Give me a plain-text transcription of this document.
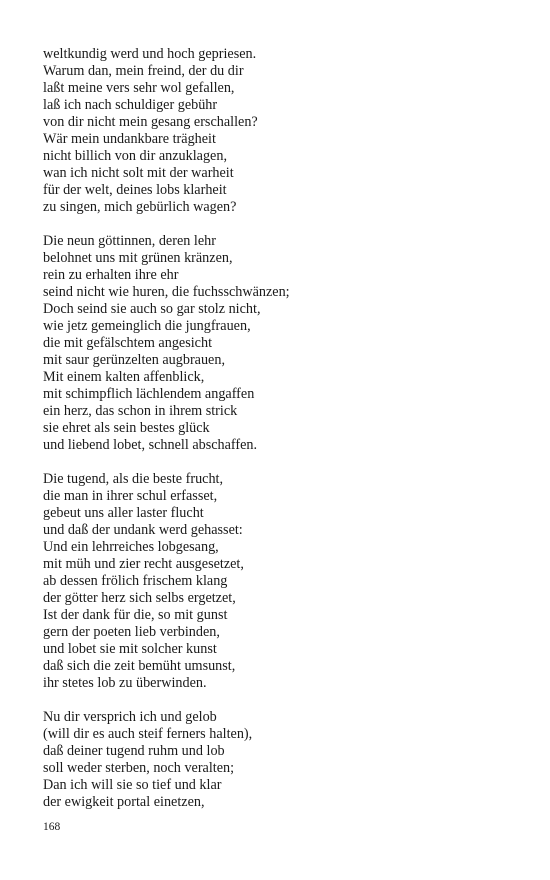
weltkundig werd und hoch gepriesen.
Warum dan, mein freind, der du dir
laßt meine vers sehr wol gefallen,
laß ich nach schuldiger gebühr
von dir nicht mein gesang erschallen?
Wär mein undankbare trägheit
nicht billich von dir anzuklagen,
wan ich nicht solt mit der warheit
für der welt, deines lobs klarheit
zu singen, mich gebürlich wagen?
Die neun göttinnen, deren lehr
belohnet uns mit grünen kränzen,
rein zu erhalten ihre ehr
seind nicht wie huren, die fuchsschwänzen;
Doch seind sie auch so gar stolz nicht,
wie jetz gemeinglich die jungfrauen,
die mit gefälschtem angesicht
mit saur gerünzelten augbrauen,
Mit einem kalten affenblick,
mit schimpflich lächlendem angaffen
ein herz, das schon in ihrem strick
sie ehret als sein bestes glück
und liebend lobet, schnell abschaffen.
Die tugend, als die beste frucht,
die man in ihrer schul erfasset,
gebeut uns aller laster flucht
und daß der undank werd gehasset:
Und ein lehrreiches lobgesang,
mit müh und zier recht ausgesetzet,
ab dessen frölich frischem klang
der götter herz sich selbs ergetzet,
Ist der dank für die, so mit gunst
gern der poeten lieb verbinden,
und lobet sie mit solcher kunst
daß sich die zeit bemüht umsunst,
ihr stetes lob zu überwinden.
Nu dir versprich ich und gelob
(will dir es auch steif ferners halten),
daß deiner tugend ruhm und lob
soll weder sterben, noch veralten;
Dan ich will sie so tief und klar
der ewigkeit portal einetzen,
168
